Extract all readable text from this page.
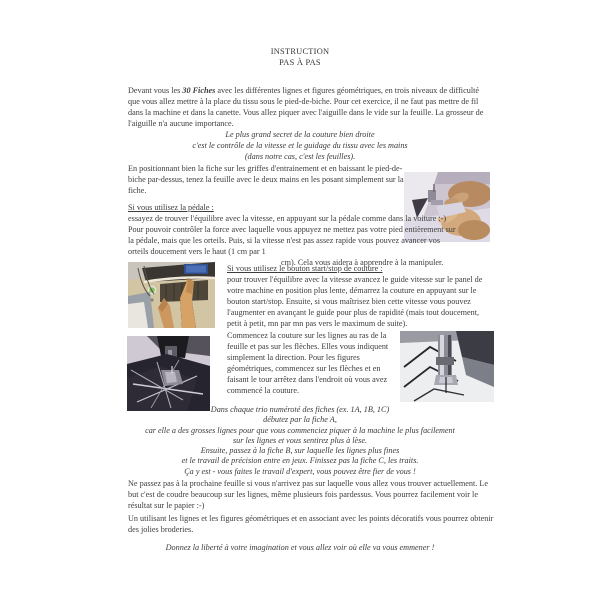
INSTRUCTION
PAS À PAS
Devant vous les 30 Fiches avec les différentes lignes et figures géométriques, en trois niveaux de difficulté que vous allez mettre à la place du tissu sous le pied-de-biche. Pour cet exercice, il ne faut pas mettre de fil dans la machine et dans la canette. Vous allez piquer avec l'aiguille dans le vide sur la feuille. La grosseur de l'aiguille n'a aucune importance.
Le plus grand secret de la couture bien droite
c'est le contrôle de la vitesse et le guidage du tissu avec les mains
(dans notre cas, c'est les feuilles).
En positionnant bien la fiche sur les griffes d'entrainement et en baissant le pied-de-biche par-dessus, tenez la feuille avec le deux mains en les posant simplement sur la fiche.
Si vous utilisez la pédale :
essayez de trouver l'équilibre avec la vitesse, en appuyant sur la pédale comme dans la voiture :-) Pour pouvoir contrôler la force avec laquelle vous appuyez ne mettez pas votre pied entièrement sur la pédale, mais que les orteils. Puis, si la vitesse n'est pas assez rapide vous pouvez avancer vos orteils doucement vers le haut (1 cm par 1
cm). Cela vous aidera à apprendre à la manipuler.
Si vous utilisez le bouton start/stop de couture :
pour trouver l'équilibre avec la vitesse avancez le guide vitesse sur le panel de votre machine en position plus lente, démarrez la couture en appuyant sur le bouton start/stop. Ensuite, si vous maîtrisez bien cette vitesse vous pouvez l'augmenter en avançant le guide pour plus de rapidité (mais tout doucement, petit à petit, mn par mn pas vers le maximum de suite).
Commencez la couture sur les lignes au ras de la feuille et pas sur les flèches. Elles vous indiquent simplement la direction. Pour les figures géométriques, commencez sur les flèches et en faisant le tour arrêtez dans l'endroit où vous avez commencé la couture.
Dans chaque trio numéroté des fiches (ex. 1A, 1B, 1C)
débutez par la fiche A,
car elle a des grosses lignes pour que vous commenciez piquer à la machine le plus facilement
sur les lignes et vous sentirez plus à lèse.
Ensuite, passez à la fiche B, sur laquelle les lignes plus fines
et le travail de précision entre en jeux. Finissez pas la fiche C, les traits.
Ça y est - vous faites le travail d'expert, vous pouvez être fier de vous !
Ne passez pas à la prochaine feuille si vous n'arrivez pas sur laquelle vous allez vous trouver actuellement. Le but c'est de coudre beaucoup sur les lignes, même plusieurs fois pardessus. Vous pourrez facilement voir le résultat sur le papier :-)
Un utilisant les lignes et les figures géométriques et en associant avec les points décoratifs vous pourrez obtenir des jolies broderies.
Donnez la liberté à votre imagination et vous allez voir où elle va vous emmener !
